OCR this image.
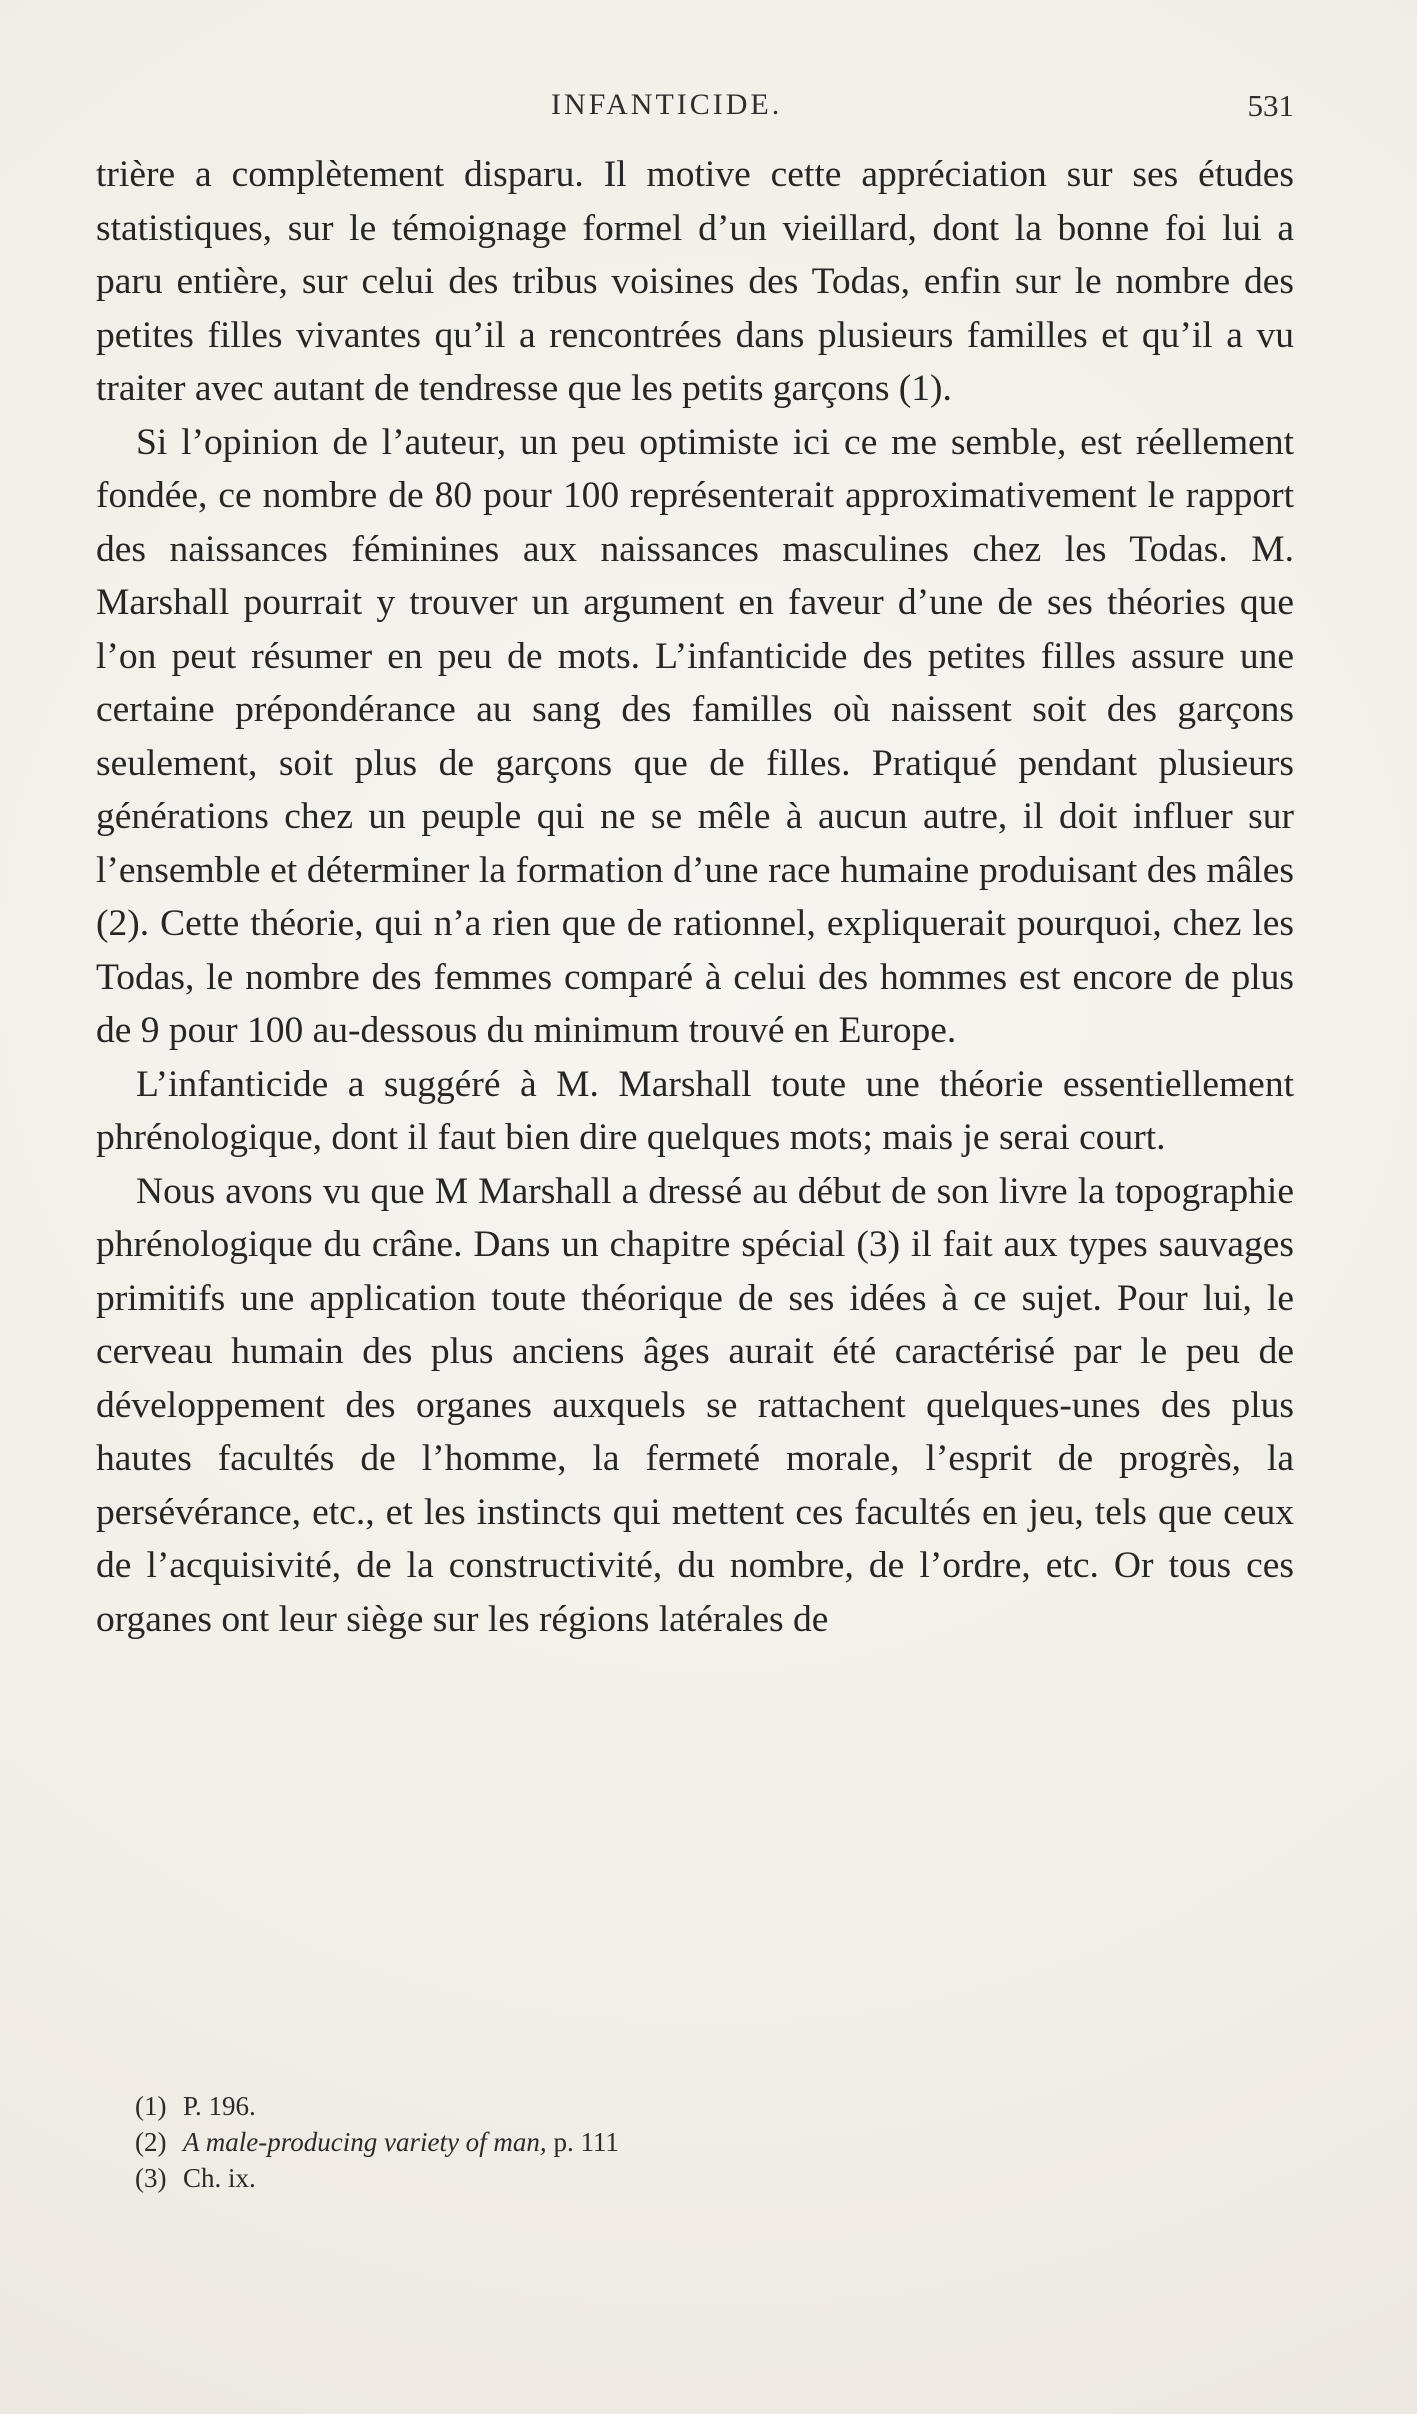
INFANTICIDE.	531

trière a complètement disparu. Il motive cette appréciation sur ses études statistiques, sur le témoignage formel d’un vieillard, dont la bonne foi lui a paru entière, sur celui des tribus voisines des Todas, enfin sur le nombre des petites filles vivantes qu’il a rencontrées dans plusieurs familles et qu’il a vu traiter avec autant de tendresse que les petits garçons (1).

Si l’opinion de l’auteur, un peu optimiste ici ce me semble, est réellement fondée, ce nombre de 80 pour 100 représenterait approximativement le rapport des naissances féminines aux naissances masculines chez les Todas. M. Marshall pourrait y trouver un argument en faveur d’une de ses théories que l’on peut résumer en peu de mots. L’infanticide des petites filles assure une certaine prépondérance au sang des familles où naissent soit des garçons seulement, soit plus de garçons que de filles. Pratiqué pendant plusieurs générations chez un peuple qui ne se mêle à aucun autre, il doit influer sur l’ensemble et déterminer la formation d’une race humaine produisant des mâles (2). Cette théorie, qui n’a rien que de rationnel, expliquerait pourquoi, chez les Todas, le nombre des femmes comparé à celui des hommes est encore de plus de 9 pour 100 au-dessous du minimum trouvé en Europe.

L’infanticide a suggéré à M. Marshall toute une théorie essentiellement phrénologique, dont il faut bien dire quelques mots; mais je serai court.

Nous avons vu que M Marshall a dressé au début de son livre la topographie phrénologique du crâne. Dans un chapitre spécial (3) il fait aux types sauvages primitifs une application toute théorique de ses idées à ce sujet. Pour lui, le cerveau humain des plus anciens âges aurait été caractérisé par le peu de développement des organes auxquels se rattachent quelques-unes des plus hautes facultés de l’homme, la fermeté morale, l’esprit de progrès, la persévérance, etc., et les instincts qui mettent ces facultés en jeu, tels que ceux de l’acquisivité, de la constructivité, du nombre, de l’ordre, etc. Or tous ces organes ont leur siège sur les régions latérales de

(1) P. 196.

(2) A male-producing variety of man, p. 111

(3) Ch. ix.
